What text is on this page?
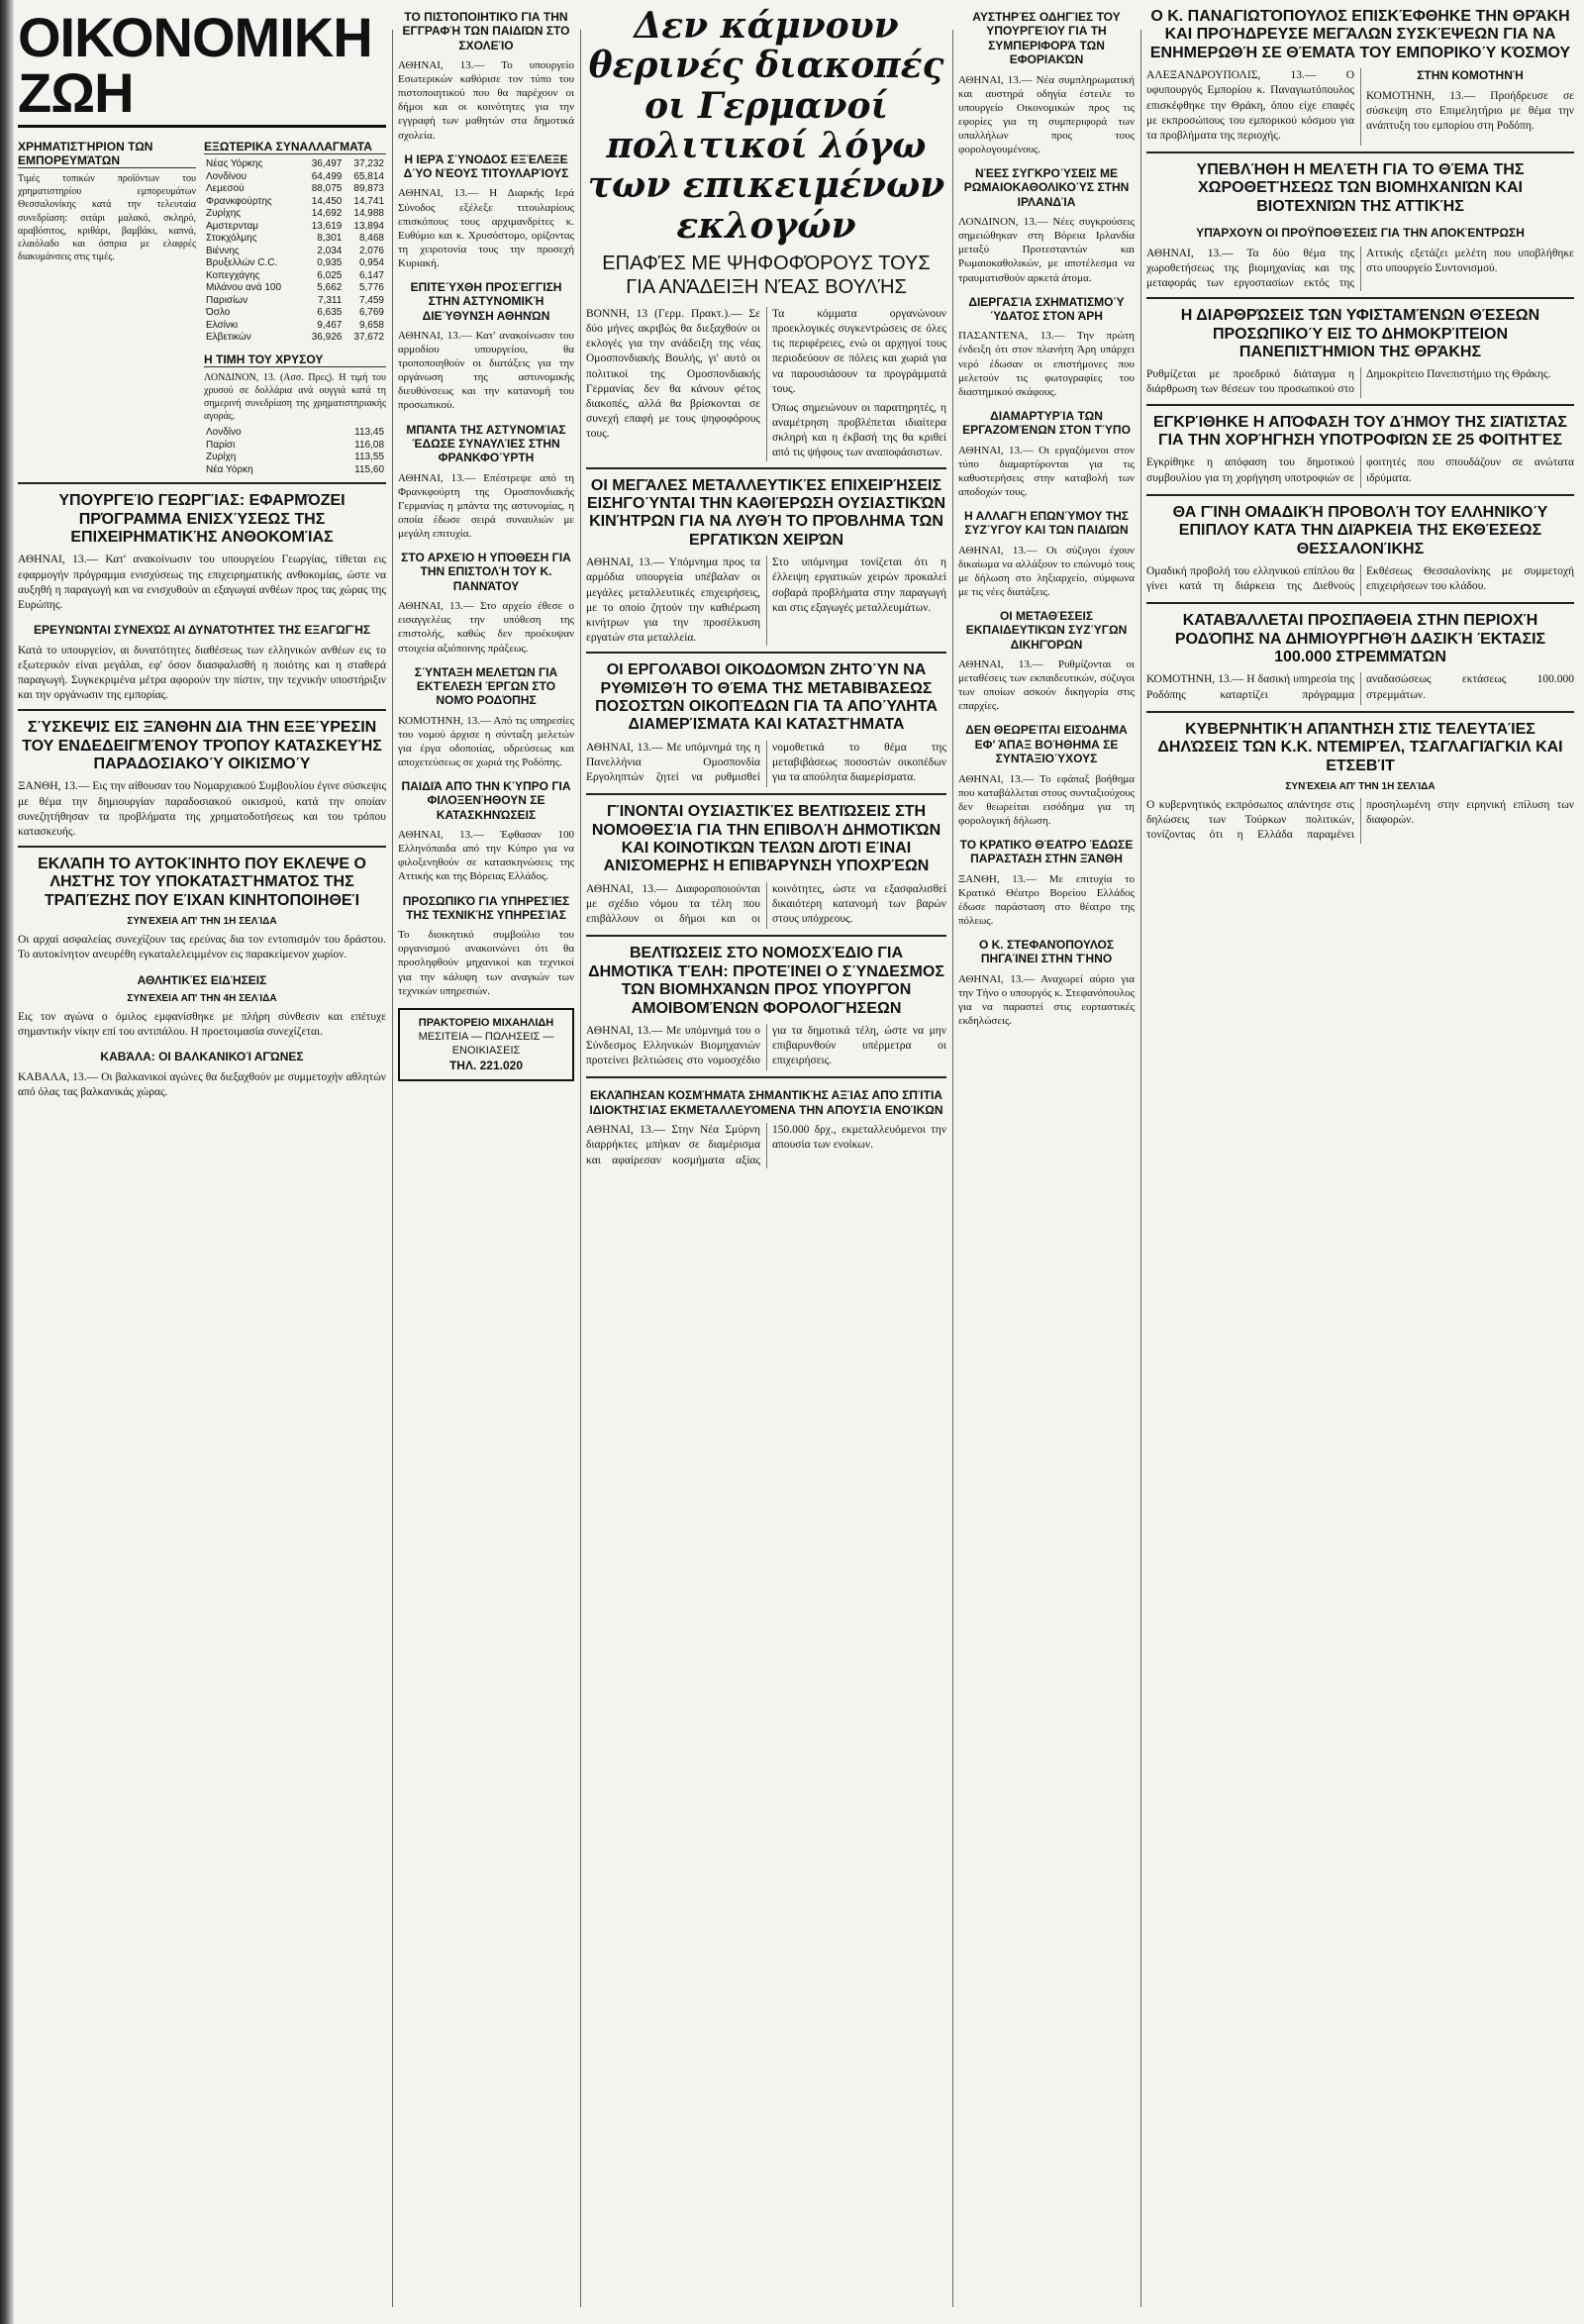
ΟΙΚΟΝΟΜΙΚΗ ΖΩΗ
ΧΡΗΜΑΤΙΣΤΉΡΙΟΝ ΤΩΝ ΕΜΠΟΡΕΥΜΆΤΩΝ

Τιμές τοπικών προϊόντων του χρηματιστηρίου εμπορευμάτων Θεσσαλονίκης κατά την τελευταία συνεδρίαση: σιτάρι μαλακό, σκληρό, αραβόσιτος, κριθάρι, βαμβάκι, καπνά, ελαιόλαδο και όσπρια με ελαφρές διακυμάνσεις στις τιμές.

ΕΞΩΤΕΡΙΚΑ ΣΥΝΑΛΛΑΓΜΑΤΑ
Νέας Υόρκης	36,497	37,232
Λονδίνου	64,499	65,814
Λεμεσού	88,075	89,873
Φρανκφούρτης	14,450	14,741
Ζυρίχης	14,692	14,988
Αμστερνταμ	13,619	13,894
Στοκχόλμης	8,301	8,468
Βιέννης	2,034	2,076
Βρυξελλών C.C.	0,935	0,954
Κοπεγχάγης	6,025	6,147
Μιλάνου ανά 100	5,662	5,776
Παρισίων	7,311	7,459
Όσλο	6,635	6,769
Ελσίνκι	9,467	9,658
Ελβετικών	36,926	37,672
Η ΤΙΜΗ ΤΟΥ ΧΡΥΣΟΥ

ΛΟΝΔΙΝΟΝ, 13. (Ασσ. Πρες). Η τιμή του χρυσού σε δολλάρια ανά ουγγιά κατά τη σημερινή συνεδρίαση της χρηματιστηριακής αγοράς.

Λονδίνο	113,45
Παρίσι	116,08
Ζυρίχη	113,55
Νέα Υόρκη	115,60
ΥΠΟΥΡΓΕΊΟ ΓΕΩΡΓΊΑΣ: ΕΦΑΡΜΌΖΕΙ ΠΡΌΓΡΑΜΜΑ ΕΝΙΣΧΎΣΕΩΣ ΤΗΣ ΕΠΙΧΕΙΡΗΜΑΤΙΚΉΣ ΑΝΘΟΚΟΜΊΑΣ

ΑΘΗΝΑΙ, 13.— Κατ' ανακοίνωσιν του υπουργείου Γεωργίας, τίθεται εις εφαρμογήν πρόγραμμα ενισχύσεως της επιχειρηματικής ανθοκομίας, ώστε να αυξηθή η παραγωγή και να ενισχυθούν αι εξαγωγαί ανθέων προς τας χώρας της Ευρώπης.

ΕΡΕΥΝΏΝΤΑΙ ΣΥΝΕΧΏΣ ΑΙ ΔΥΝΑΤΌΤΗΤΕΣ ΤΗΣ ΕΞΑΓΩΓΉΣ

Κατά το υπουργείον, αι δυνατότητες διαθέσεως των ελληνικών ανθέων εις το εξωτερικόν είναι μεγάλαι, εφ' όσον διασφαλισθή η ποιότης και η σταθερά παραγωγή. Συγκεκριμένα μέτρα αφορούν την πίστιν, την τεχνικήν υποστήριξιν και την οργάνωσιν της εμπορίας.

ΣΎΣΚΕΨΙΣ ΕΙΣ ΞΆΝΘΗΝ ΔΙΑ ΤΗΝ ΕΞΕΎΡΕΣΙΝ ΤΟΥ ΕΝΔΕΔΕΙΓΜΈΝΟΥ ΤΡΌΠΟΥ ΚΑΤΑΣΚΕΥΉΣ ΠΑΡΑΔΟΣΙΑΚΟΎ ΟΙΚΙΣΜΟΎ

ΞΑΝΘΗ, 13.— Εις την αίθουσαν του Νομαρχιακού Συμβουλίου έγινε σύσκεψις με θέμα την δημιουργίαν παραδοσιακού οικισμού, κατά την οποίαν συνεζητήθησαν τα προβλήματα της χρηματοδοτήσεως και του τρόπου κατασκευής.

ΕΚΛΆΠΗ ΤΟ ΑΥΤΟΚΊΝΗΤΟ ΠΟΥ ΕΚΛΕΨΕ Ο ΛΗΣΤΉΣ ΤΟΥ ΥΠΟΚΑΤΑΣΤΉΜΑΤΟΣ ΤΗΣ ΤΡΑΠΈΖΗΣ ΠΟΥ ΕΊΧΑΝ ΚΙΝΗΤΟΠΟΙΗΘΕΊ
ΣΥΝΈΧΕΙΑ ΑΠ' ΤΗΝ 1Η ΣΕΛΊΔΑ

Οι αρχαί ασφαλείας συνεχίζουν τας ερεύνας δια τον εντοπισμόν του δράστου. Το αυτοκίνητον ανευρέθη εγκαταλελειμμένον εις παρακείμενον χωρίον.

ΑΘΛΗΤΙΚΈΣ ΕΙΔΉΣΕΙΣ
ΣΥΝΈΧΕΙΑ ΑΠ' ΤΗΝ 4Η ΣΕΛΊΔΑ

Εις τον αγώνα ο όμιλος εμφανίσθηκε με πλήρη σύνθεσιν και επέτυχε σημαντικήν νίκην επί του αντιπάλου. Η προετοιμασία συνεχίζεται.

ΚΑΒΆΛΑ: ΟΙ ΒΑΛΚΑΝΙΚΟΊ ΑΓΏΝΕΣ

ΚΑΒΑΛΑ, 13.— Οι βαλκανικοί αγώνες θα διεξαχθούν με συμμετοχήν αθλητών από όλας τας βαλκανικάς χώρας.

ΤΟ ΠΙΣΤΟΠΟΙΗΤΙΚΌ ΓΙΑ ΤΗΝ ΕΓΓΡΑΦΉ ΤΩΝ ΠΑΙΔΙΏΝ ΣΤΟ ΣΧΟΛΕΊΟ

ΑΘΗΝΑΙ, 13.— Το υπουργείο Εσωτερικών καθόρισε τον τύπο του πιστοποιητικού που θα παρέχουν οι δήμοι και οι κοινότητες για την εγγραφή των μαθητών στα δημοτικά σχολεία.

Η ΙΕΡΆ ΣΎΝΟΔΟΣ ΕΞΈΛΕΞΕ ΔΎΟ ΝΈΟΥΣ ΤΙΤΟΥΛΑΡΊΟΥΣ

ΑΘΗΝΑΙ, 13.— Η Διαρκής Ιερά Σύνοδος εξέλεξε τιτουλαρίους επισκόπους τους αρχιμανδρίτες κ. Ευθύμιο και κ. Χρυσόστομο, ορίζοντας τη χειροτονία τους την προσεχή Κυριακή.

ΕΠΙΤΕΎΧΘΗ ΠΡΟΣΈΓΓΙΣΗ ΣΤΗΝ ΑΣΤΥΝΟΜΙΚΉ ΔΙΕΎΘΥΝΣΗ ΑΘΗΝΏΝ

ΑΘΗΝΑΙ, 13.— Κατ' ανακοίνωσιν του αρμοδίου υπουργείου, θα τροποποιηθούν οι διατάξεις για την οργάνωση της αστυνομικής διευθύνσεως και την κατανομή του προσωπικού.

ΜΠΆΝΤΑ ΤΗΣ ΑΣΤΥΝΟΜΊΑΣ ΈΔΩΣΕ ΣΥΝΑΥΛΊΕΣ ΣΤΗΝ ΦΡΑΝΚΦΟΎΡΤΗ

ΑΘΗΝΑΙ, 13.— Επέστρεψε από τη Φρανκφούρτη της Ομοσπονδιακής Γερμανίας η μπάντα της αστυνομίας, η οποία έδωσε σειρά συναυλιών με μεγάλη επιτυχία.

ΣΤΟ ΑΡΧΕΊΟ Η ΥΠΌΘΕΣΗ ΓΙΑ ΤΗΝ ΕΠΙΣΤΟΛΉ ΤΟΥ Κ. ΠΑΝΝΆΤΟΥ

ΑΘΗΝΑΙ, 13.— Στο αρχείο έθεσε ο εισαγγελέας την υπόθεση της επιστολής, καθώς δεν προέκυψαν στοιχεία αξιόποινης πράξεως.

ΣΎΝΤΑΞΗ ΜΕΛΕΤΏΝ ΓΙΑ ΕΚΤΈΛΕΣΗ ΈΡΓΩΝ ΣΤΟ ΝΟΜΌ ΡΟΔΌΠΗΣ

ΚΟΜΟΤΗΝΗ, 13.— Από τις υπηρεσίες του νομού άρχισε η σύνταξη μελετών για έργα οδοποιίας, υδρεύσεως και αποχετεύσεως σε χωριά της Ροδόπης.

ΠΑΙΔΙΆ ΑΠΌ ΤΗΝ ΚΎΠΡΟ ΓΙΑ ΦΙΛΟΞΕΝΉΘΟΥΝ ΣΕ ΚΑΤΑΣΚΗΝΏΣΕΙΣ

ΑΘΗΝΑΙ, 13.— Έφθασαν 100 Ελληνόπαιδα από την Κύπρο για να φιλοξενηθούν σε κατασκηνώσεις της Αττικής και της Βόρειας Ελλάδος.

ΠΡΟΣΩΠΙΚΌ ΓΙΑ ΥΠΗΡΕΣΊΕΣ ΤΗΣ ΤΕΧΝΙΚΉΣ ΥΠΗΡΕΣΊΑΣ

Το διοικητικό συμβούλιο του οργανισμού ανακοινώνει ότι θα προσληφθούν μηχανικοί και τεχνικοί για την κάλυψη των αναγκών των τεχνικών υπηρεσιών.

ΠΡΑΚΤΟΡΕΙΟ ΜΙΧΑΗΛΙΔΗ
ΜΕΣΙΤΕΙΑ — ΠΩΛΗΣΕΙΣ — ΕΝΟΙΚΙΑΣΕΙΣ
ΤΗΛ. 221.020
Δεν κάμνουν θερινές διακοπές οι Γερμανοί πολιτικοί λόγω των επικειμένων εκλογών
ΕΠΑΦΈΣ ΜΕ ΨΗΦΟΦΌΡΟΥΣ ΤΟΥΣ ΓΙΑ ΑΝΆΔΕΙΞΗ ΝΈΑΣ ΒΟΥΛΉΣ

ΒΟΝΝΗ, 13 (Γερμ. Πρακτ.).— Σε δύο μήνες ακριβώς θα διεξαχθούν οι εκλογές για την ανάδειξη της νέας Ομοσπονδιακής Βουλής, γι' αυτό οι πολιτικοί της Ομοσπονδιακής Γερμανίας δεν θα κάνουν φέτος διακοπές, αλλά θα βρίσκονται σε συνεχή επαφή με τους ψηφοφόρους τους.

Τα κόμματα οργανώνουν προεκλογικές συγκεντρώσεις σε όλες τις περιφέρειες, ενώ οι αρχηγοί τους περιοδεύουν σε πόλεις και χωριά για να παρουσιάσουν τα προγράμματά τους.

Όπως σημειώνουν οι παρατηρητές, η αναμέτρηση προβλέπεται ιδιαίτερα σκληρή και η έκβασή της θα κριθεί από τις ψήφους των αναποφάσιστων.

ΟΙ ΜΕΓΆΛΕΣ ΜΕΤΑΛΛΕΥΤΙΚΈΣ ΕΠΙΧΕΙΡΉΣΕΙΣ ΕΙΣΗΓΟΎΝΤΑΙ ΤΗΝ ΚΑΘΙΈΡΩΣΗ ΟΥΣΙΑΣΤΙΚΏΝ ΚΙΝΉΤΡΩΝ ΓΙΑ ΝΑ ΛΥΘΉ ΤΟ ΠΡΌΒΛΗΜΑ ΤΩΝ ΕΡΓΑΤΙΚΏΝ ΧΕΙΡΏΝ

ΑΘΗΝΑΙ, 13.— Υπόμνημα προς τα αρμόδια υπουργεία υπέβαλαν οι μεγάλες μεταλλευτικές επιχειρήσεις, με το οποίο ζητούν την καθιέρωση κινήτρων για την προσέλκυση εργατών στα μεταλλεία.

Στο υπόμνημα τονίζεται ότι η έλλειψη εργατικών χειρών προκαλεί σοβαρά προβλήματα στην παραγωγή και στις εξαγωγές μεταλλευμάτων.

ΟΙ ΕΡΓΟΛΆΒΟΙ ΟΙΚΟΔΟΜΏΝ ΖΗΤΟΎΝ ΝΑ ΡΥΘΜΙΣΘΉ ΤΟ ΘΈΜΑ ΤΗΣ ΜΕΤΑΒΙΒΆΣΕΩΣ ΠΟΣΟΣΤΏΝ ΟΙΚΟΠΈΔΩΝ ΓΙΑ ΤΑ ΑΠΟΎΛΗΤΑ ΔΙΑΜΕΡΊΣΜΑΤΑ ΚΑΙ ΚΑΤΑΣΤΉΜΑΤΑ

ΑΘΗΝΑΙ, 13.— Με υπόμνημά της η Πανελλήνια Ομοσπονδία Εργοληπτών ζητεί να ρυθμισθεί νομοθετικά το θέμα της μεταβιβάσεως ποσοστών οικοπέδων για τα απούλητα διαμερίσματα.

ΓΊΝΟΝΤΑΙ ΟΥΣΙΑΣΤΙΚΈΣ ΒΕΛΤΙΏΣΕΙΣ ΣΤΗ ΝΟΜΟΘΕΣΊΑ ΓΙΑ ΤΗΝ ΕΠΙΒΟΛΉ ΔΗΜΟΤΙΚΏΝ ΚΑΙ ΚΟΙΝΟΤΙΚΏΝ ΤΕΛΏΝ ΔΙΌΤΙ ΕΊΝΑΙ ΑΝΙΣΌΜΕΡΗΣ Η ΕΠΙΒΆΡΥΝΣΗ ΥΠΟΧΡΈΩΝ

ΑΘΗΝΑΙ, 13.— Διαφοροποιούνται με σχέδιο νόμου τα τέλη που επιβάλλουν οι δήμοι και οι κοινότητες, ώστε να εξασφαλισθεί δικαιότερη κατανομή των βαρών στους υπόχρεους.

ΒΕΛΤΙΏΣΕΙΣ ΣΤΟ ΝΟΜΟΣΧΈΔΙΟ ΓΙΑ ΔΗΜΟΤΙΚΆ ΤΈΛΗ: ΠΡΟΤΕΊΝΕΙ Ο ΣΎΝΔΕΣΜΟΣ ΤΩΝ ΒΙΟΜΗΧΆΝΩΝ ΠΡΟΣ ΥΠΟΥΡΓΌΝ ΑΜΟΙΒΟΜΈΝΩΝ ΦΟΡΟΛΟΓΉΣΕΩΝ

ΑΘΗΝΑΙ, 13.— Με υπόμνημά του ο Σύνδεσμος Ελληνικών Βιομηχανιών προτείνει βελτιώσεις στο νομοσχέδιο για τα δημοτικά τέλη, ώστε να μην επιβαρυνθούν υπέρμετρα οι επιχειρήσεις.

ΕΚΛΆΠΗΣΑΝ ΚΟΣΜΉΜΑΤΑ ΣΗΜΑΝΤΙΚΉΣ ΑΞΊΑΣ ΑΠΌ ΣΠΊΤΙΑ ΙΔΙΟΚΤΗΣΊΑΣ ΕΚΜΕΤΑΛΛΕΥΌΜΕΝΑ ΤΗΝ ΑΠΟΥΣΊΑ ΕΝΟΊΚΩΝ

ΑΘΗΝΑΙ, 13.— Στην Νέα Σμύρνη διαρρήκτες μπήκαν σε διαμέρισμα και αφαίρεσαν κοσμήματα αξίας 150.000 δρχ., εκμεταλλευόμενοι την απουσία των ενοίκων.

ΑΥΣΤΗΡΈΣ ΟΔΗΓΊΕΣ ΤΟΥ ΥΠΟΥΡΓΕΊΟΥ ΓΙΑ ΤΗ ΣΥΜΠΕΡΙΦΟΡΆ ΤΩΝ ΕΦΟΡΙΑΚΏΝ

ΑΘΗΝΑΙ, 13.— Νέα συμπληρωματική και αυστηρά οδηγία έστειλε το υπουργείο Οικονομικών προς τις εφορίες για τη συμπεριφορά των υπαλλήλων προς τους φορολογουμένους.

ΝΈΕΣ ΣΥΓΚΡΟΎΣΕΙΣ ΜΕ ΡΩΜΑΙΟΚΑΘΟΛΙΚΟΎΣ ΣΤΗΝ ΙΡΛΑΝΔΊΑ

ΛΟΝΔΙΝΟΝ, 13.— Νέες συγκρούσεις σημειώθηκαν στη Βόρεια Ιρλανδία μεταξύ Προτεσταντών και Ρωμαιοκαθολικών, με αποτέλεσμα να τραυματισθούν αρκετά άτομα.

ΔΙΕΡΓΑΣΊΑ ΣΧΗΜΑΤΙΣΜΟΎ ΎΔΑΤΟΣ ΣΤΟΝ ΆΡΗ

ΠΑΣΑΝΤΕΝΑ, 13.— Την πρώτη ένδειξη ότι στον πλανήτη Άρη υπάρχει νερό έδωσαν οι επιστήμονες που μελετούν τις φωτογραφίες του διαστημικού σκάφους.

ΔΙΑΜΑΡΤΥΡΊΑ ΤΩΝ ΕΡΓΑΖΟΜΈΝΩΝ ΣΤΟΝ ΤΎΠΟ

ΑΘΗΝΑΙ, 13.— Οι εργαζόμενοι στον τύπο διαμαρτύρονται για τις καθυστερήσεις στην καταβολή των αποδοχών τους.

Η ΑΛΛΑΓΉ ΕΠΩΝΎΜΟΥ ΤΗΣ ΣΥΖΎΓΟΥ ΚΑΙ ΤΩΝ ΠΑΙΔΙΏΝ

ΑΘΗΝΑΙ, 13.— Οι σύζυγοι έχουν δικαίωμα να αλλάξουν το επώνυμό τους με δήλωση στο ληξιαρχείο, σύμφωνα με τις νέες διατάξεις.

ΟΙ ΜΕΤΑΘΈΣΕΙΣ ΕΚΠΑΙΔΕΥΤΙΚΏΝ ΣΥΖΎΓΩΝ ΔΙΚΗΓΌΡΩΝ

ΑΘΗΝΑΙ, 13.— Ρυθμίζονται οι μεταθέσεις των εκπαιδευτικών, σύζυγοι των οποίων ασκούν δικηγορία στις επαρχίες.

ΔΕΝ ΘΕΩΡΕΊΤΑΙ ΕΙΣΌΔΗΜΑ ΕΦ' ΆΠΑΞ ΒΟΉΘΗΜΑ ΣΕ ΣΥΝΤΑΞΙΟΎΧΟΥΣ

ΑΘΗΝΑΙ, 13.— Το εφάπαξ βοήθημα που καταβάλλεται στους συνταξιούχους δεν θεωρείται εισόδημα για τη φορολογική δήλωση.

ΤΟ ΚΡΑΤΙΚΌ ΘΈΑΤΡΟ ΈΔΩΣΕ ΠΑΡΆΣΤΑΣΗ ΣΤΗΝ ΞΆΝΘΗ

ΞΑΝΘΗ, 13.— Με επιτυχία το Κρατικό Θέατρο Βορείου Ελλάδος έδωσε παράσταση στο θέατρο της πόλεως.

Ο Κ. ΣΤΕΦΑΝΌΠΟΥΛΟΣ ΠΗΓΑΊΝΕΙ ΣΤΗΝ ΤΉΝΟ

ΑΘΗΝΑΙ, 13.— Αναχωρεί αύριο για την Τήνο ο υπουργός κ. Στεφανόπουλος για να παραστεί στις εορταστικές εκδηλώσεις.

Ο Κ. ΠΑΝΑΓΙΩΤΌΠΟΥΛΟΣ ΕΠΙΣΚΈΦΘΗΚΕ ΤΗΝ ΘΡΆΚΗ ΚΑΙ ΠΡΟΉΔΡΕΥΣΕ ΜΕΓΆΛΩΝ ΣΥΣΚΈΨΕΩΝ ΓΙΑ ΝΑ ΕΝΗΜΕΡΩΘΉ ΣΕ ΘΈΜΑΤΑ ΤΟΥ ΕΜΠΟΡΙΚΟΎ ΚΌΣΜΟΥ

ΑΛΕΞΑΝΔΡΟΥΠΟΛΙΣ, 13.— Ο υφυπουργός Εμπορίου κ. Παναγιωτόπουλος επισκέφθηκε την Θράκη, όπου είχε επαφές με εκπροσώπους του εμπορικού κόσμου για τα προβλήματα της περιοχής.

ΣΤΗΝ ΚΟΜΟΤΗΝΉ

ΚΟΜΟΤΗΝΗ, 13.— Προήδρευσε σε σύσκεψη στο Επιμελητήριο με θέμα την ανάπτυξη του εμπορίου στη Ροδόπη.

ΥΠΕΒΛΉΘΗ Η ΜΕΛΈΤΗ ΓΙΑ ΤΟ ΘΈΜΑ ΤΗΣ ΧΩΡΟΘΕΤΉΣΕΩΣ ΤΩΝ ΒΙΟΜΗΧΑΝΙΏΝ ΚΑΙ ΒΙΟΤΕΧΝΙΏΝ ΤΗΣ ΑΤΤΙΚΉΣ
ΥΠΆΡΧΟΥΝ ΟΙ ΠΡΟΫΠΟΘΈΣΕΙΣ ΓΙΑ ΤΗΝ ΑΠΟΚΈΝΤΡΩΣΗ

ΑΘΗΝΑΙ, 13.— Τα δύο θέμα της χωροθετήσεως της βιομηχανίας και της μεταφοράς των εργοστασίων εκτός της Αττικής εξετάζει μελέτη που υποβλήθηκε στο υπουργείο Συντονισμού.

Η ΔΙΑΡΘΡΏΣΕΙΣ ΤΩΝ ΥΦΙΣΤΑΜΈΝΩΝ ΘΈΣΕΩΝ ΠΡΟΣΩΠΙΚΟΎ ΕΙΣ ΤΟ ΔΗΜΟΚΡΊΤΕΙΟΝ ΠΑΝΕΠΙΣΤΉΜΙΟΝ ΤΗΣ ΘΡΆΚΗΣ

Ρυθμίζεται με προεδρικό διάταγμα η διάρθρωση των θέσεων του προσωπικού στο Δημοκρίτειο Πανεπιστήμιο της Θράκης.

ΕΓΚΡΊΘΗΚΕ Η ΑΠΌΦΑΣΗ ΤΟΥ ΔΉΜΟΥ ΤΗΣ ΣΙΆΤΙΣΤΑΣ ΓΙΑ ΤΗΝ ΧΟΡΉΓΗΣΗ ΥΠΟΤΡΟΦΙΏΝ ΣΕ 25 ΦΟΙΤΗΤΈΣ

Εγκρίθηκε η απόφαση του δημοτικού συμβουλίου για τη χορήγηση υποτροφιών σε φοιτητές που σπουδάζουν σε ανώτατα ιδρύματα.

ΘΑ ΓΊΝΗ ΟΜΑΔΙΚΉ ΠΡΟΒΟΛΉ ΤΟΥ ΕΛΛΗΝΙΚΟΎ ΕΠΙΠΛΟΥ ΚΑΤΆ ΤΗΝ ΔΙΆΡΚΕΙΑ ΤΗΣ ΕΚΘΈΣΕΩΣ ΘΕΣΣΑΛΟΝΊΚΗΣ

Ομαδική προβολή του ελληνικού επίπλου θα γίνει κατά τη διάρκεια της Διεθνούς Εκθέσεως Θεσσαλονίκης με συμμετοχή επιχειρήσεων του κλάδου.

ΚΑΤΑΒΆΛΛΕΤΑΙ ΠΡΟΣΠΆΘΕΙΑ ΣΤΗΝ ΠΕΡΙΟΧΉ ΡΟΔΌΠΗΣ ΝΑ ΔΗΜΙΟΥΡΓΗΘΉ ΔΑΣΙΚΉ ΈΚΤΑΣΙΣ 100.000 ΣΤΡΕΜΜΆΤΩΝ

ΚΟΜΟΤΗΝΗ, 13.— Η δασική υπηρεσία της Ροδόπης καταρτίζει πρόγραμμα αναδασώσεως εκτάσεως 100.000 στρεμμάτων.

ΚΥΒΕΡΝΗΤΙΚΉ ΑΠΆΝΤΗΣΗ ΣΤΙΣ ΤΕΛΕΥΤΑΊΕΣ ΔΗΛΏΣΕΙΣ ΤΩΝ Κ.Κ. ΝΤΕΜΙΡΈΛ, ΤΣΑΓΛΑΓΙΆΓΚΙΛ ΚΑΙ ΕΤΣΕΒΊΤ
ΣΥΝΈΧΕΙΑ ΑΠ' ΤΗΝ 1Η ΣΕΛΊΔΑ

Ο κυβερνητικός εκπρόσωπος απάντησε στις δηλώσεις των Τούρκων πολιτικών, τονίζοντας ότι η Ελλάδα παραμένει προσηλωμένη στην ειρηνική επίλυση των διαφορών.
